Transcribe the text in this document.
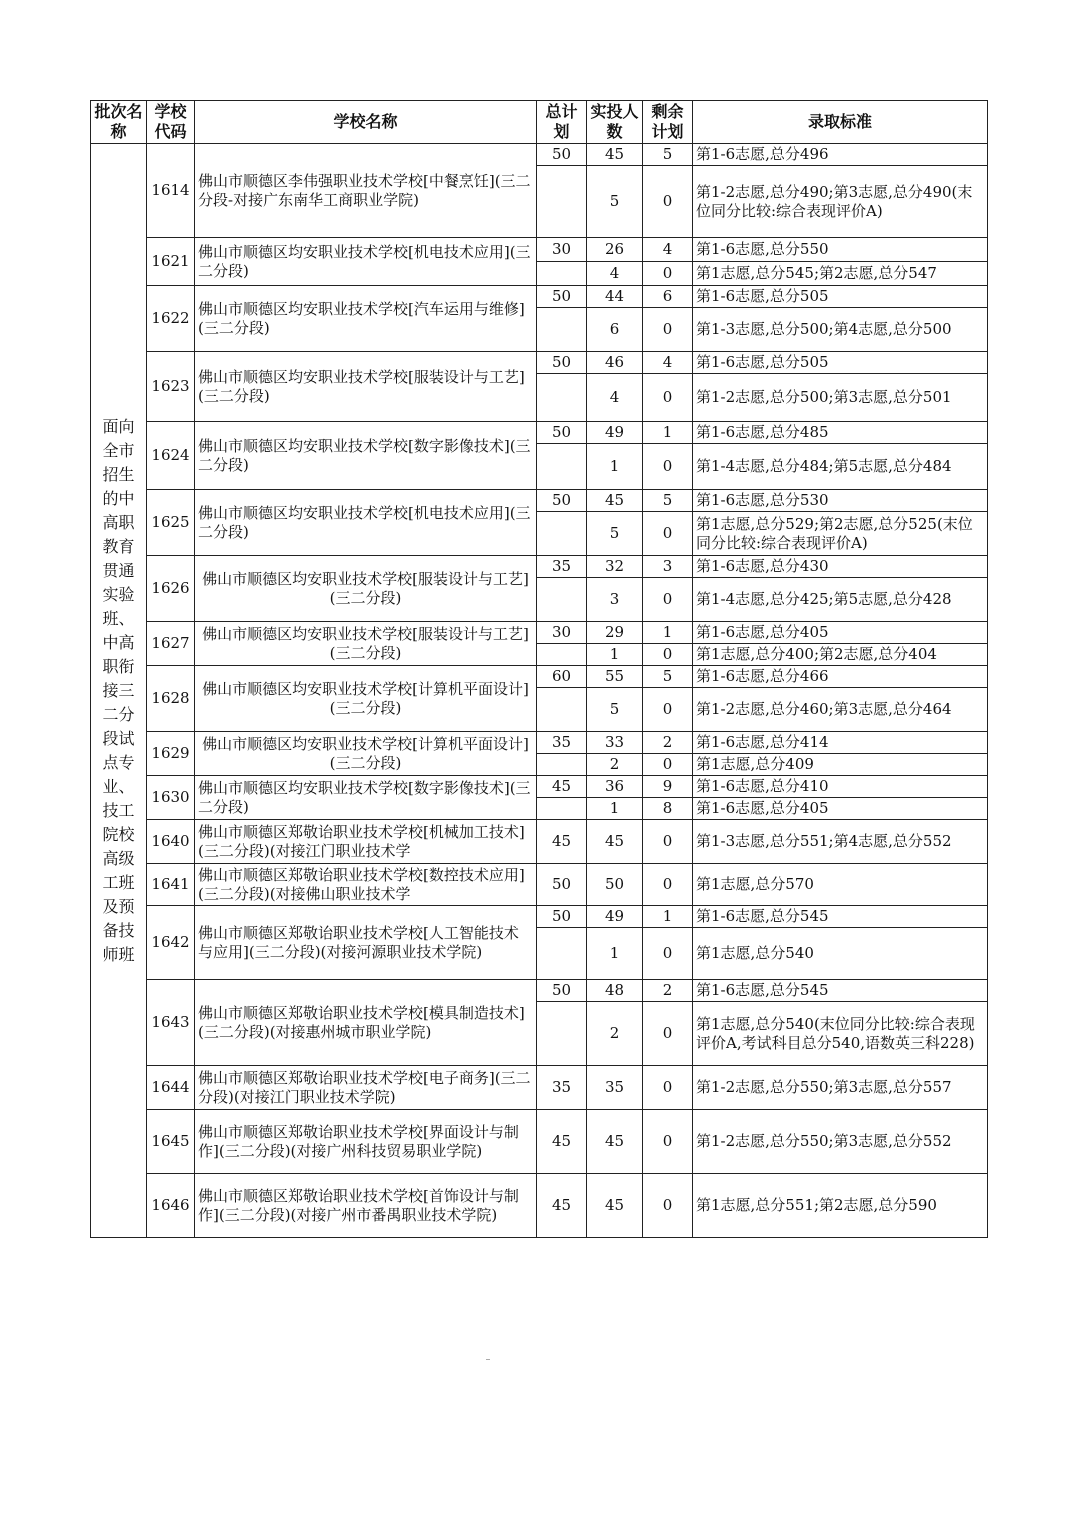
批次名称	学校代码	学校名称	总计划	实投人数	剩余计划	录取标准
面向全市招生的中高职教育贯通实验班、中高职衔接三二分段试点专业、技工院校高级工班及预备技师班	1614	佛山市顺德区李伟强职业技术学校[中餐烹饪](三二分段-对接广东南华工商职业学院)	50	45	5	第1-6志愿,总分496
				5	0	第1-2志愿,总分490;第3志愿,总分490(末位同分比较:综合表现评价A)
	1621	佛山市顺德区均安职业技术学校[机电技术应用](三二分段)	30	26	4	第1-6志愿,总分550
				4	0	第1志愿,总分545;第2志愿,总分547
	1622	佛山市顺德区均安职业技术学校[汽车运用与维修](三二分段)	50	44	6	第1-6志愿,总分505
				6	0	第1-3志愿,总分500;第4志愿,总分500
	1623	佛山市顺德区均安职业技术学校[服装设计与工艺](三二分段)	50	46	4	第1-6志愿,总分505
				4	0	第1-2志愿,总分500;第3志愿,总分501
	1624	佛山市顺德区均安职业技术学校[数字影像技术](三二分段)	50	49	1	第1-6志愿,总分485
				1	0	第1-4志愿,总分484;第5志愿,总分484
	1625	佛山市顺德区均安职业技术学校[机电技术应用](三二分段)	50	45	5	第1-6志愿,总分530
				5	0	第1志愿,总分529;第2志愿,总分525(末位同分比较:综合表现评价A)
	1626	佛山市顺德区均安职业技术学校[服装设计与工艺](三二分段)	35	32	3	第1-6志愿,总分430
				3	0	第1-4志愿,总分425;第5志愿,总分428
	1627	佛山市顺德区均安职业技术学校[服装设计与工艺](三二分段)	30	29	1	第1-6志愿,总分405
				1	0	第1志愿,总分400;第2志愿,总分404
	1628	佛山市顺德区均安职业技术学校[计算机平面设计](三二分段)	60	55	5	第1-6志愿,总分466
				5	0	第1-2志愿,总分460;第3志愿,总分464
	1629	佛山市顺德区均安职业技术学校[计算机平面设计](三二分段)	35	33	2	第1-6志愿,总分414
				2	0	第1志愿,总分409
	1630	佛山市顺德区均安职业技术学校[数字影像技术](三二分段)	45	36	9	第1-6志愿,总分410
				1	8	第1-6志愿,总分405
	1640	佛山市顺德区郑敬诒职业技术学校[机械加工技术](三二分段)(对接江门职业技术学	45	45	0	第1-3志愿,总分551;第4志愿,总分552
	1641	佛山市顺德区郑敬诒职业技术学校[数控技术应用](三二分段)(对接佛山职业技术学	50	50	0	第1志愿,总分570
	1642	佛山市顺德区郑敬诒职业技术学校[人工智能技术与应用](三二分段)(对接河源职业技术学院)	50	49	1	第1-6志愿,总分545
				1	0	第1志愿,总分540
	1643	佛山市顺德区郑敬诒职业技术学校[模具制造技术](三二分段)(对接惠州城市职业学院)	50	48	2	第1-6志愿,总分545
				2	0	第1志愿,总分540(末位同分比较:综合表现评价A,考试科目总分540,语数英三科228)
	1644	佛山市顺德区郑敬诒职业技术学校[电子商务](三二分段)(对接江门职业技术学院)	35	35	0	第1-2志愿,总分550;第3志愿,总分557
	1645	佛山市顺德区郑敬诒职业技术学校[界面设计与制作](三二分段)(对接广州科技贸易职业学院)	45	45	0	第1-2志愿,总分550;第3志愿,总分552
	1646	佛山市顺德区郑敬诒职业技术学校[首饰设计与制作](三二分段)(对接广州市番禺职业技术学院)	45	45	0	第1志愿,总分551;第2志愿,总分590
